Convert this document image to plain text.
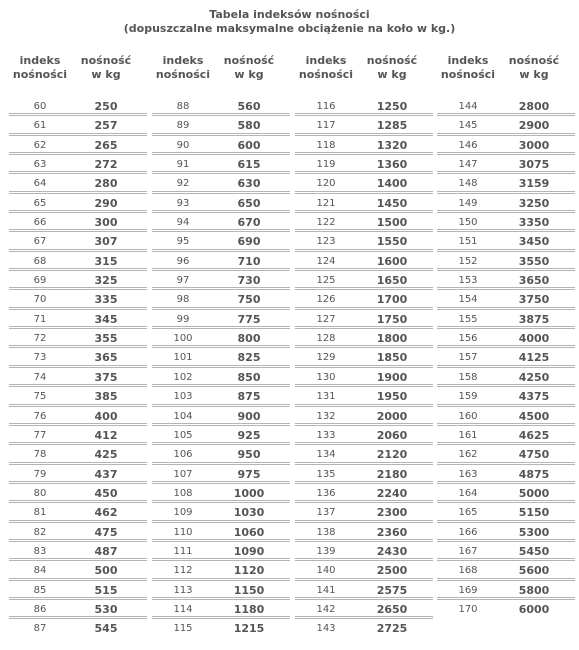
Tabela indeksów nośności
(dopuszczalne maksymalne obciążenie na koło w kg.)
indeks
nośności
nośność
w kg
60	250
61	257
62	265
63	272
64	280
65	290
66	300
67	307
68	315
69	325
70	335
71	345
72	355
73	365
74	375
75	385
76	400
77	412
78	425
79	437
80	450
81	462
82	475
83	487
84	500
85	515
86	530
87	545
indeks
nośności
nośność
w kg
88	560
89	580
90	600
91	615
92	630
93	650
94	670
95	690
96	710
97	730
98	750
99	775
100	800
101	825
102	850
103	875
104	900
105	925
106	950
107	975
108	1000
109	1030
110	1060
111	1090
112	1120
113	1150
114	1180
115	1215
indeks
nośności
nośność
w kg
116	1250
117	1285
118	1320
119	1360
120	1400
121	1450
122	1500
123	1550
124	1600
125	1650
126	1700
127	1750
128	1800
129	1850
130	1900
131	1950
132	2000
133	2060
134	2120
135	2180
136	2240
137	2300
138	2360
139	2430
140	2500
141	2575
142	2650
143	2725
indeks
nośności
nośność
w kg
144	2800
145	2900
146	3000
147	3075
148	3159
149	3250
150	3350
151	3450
152	3550
153	3650
154	3750
155	3875
156	4000
157	4125
158	4250
159	4375
160	4500
161	4625
162	4750
163	4875
164	5000
165	5150
166	5300
167	5450
168	5600
169	5800
170	6000
